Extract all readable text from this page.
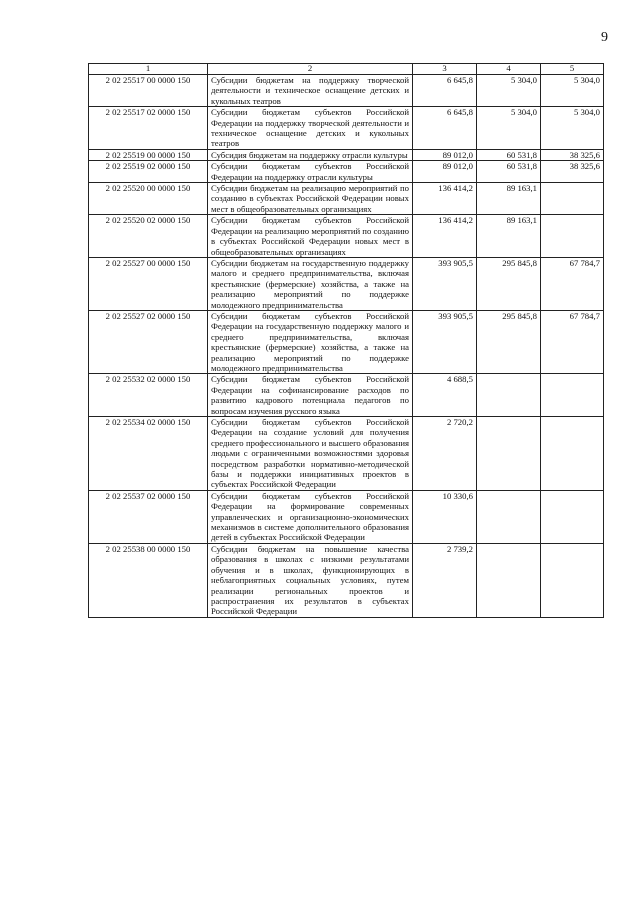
9
1	2	3	4	5
2 02 25517 00 0000 150	Субсидии бюджетам на поддержку творческой деятельности и техническое оснащение детских и кукольных театров	6 645,8	5 304,0	5 304,0
2 02 25517 02 0000 150	Субсидии бюджетам субъектов Российской Федерации на поддержку творческой деятельности и техническое оснащение детских и кукольных театров	6 645,8	5 304,0	5 304,0
2 02 25519 00 0000 150	Субсидия бюджетам на поддержку отрасли культуры	89 012,0	60 531,8	38 325,6
2 02 25519 02 0000 150	Субсидии бюджетам субъектов Российской Федерации на поддержку отрасли культуры	89 012,0	60 531,8	38 325,6
2 02 25520 00 0000 150	Субсидии бюджетам на реализацию мероприятий по созданию в субъектах Российской Федерации новых мест в общеобразовательных организациях	136 414,2	89 163,1	
2 02 25520 02 0000 150	Субсидии бюджетам субъектов Российской Федерации на реализацию мероприятий по созданию в субъектах Российской Федерации новых мест в общеобразовательных организациях	136 414,2	89 163,1	
2 02 25527 00 0000 150	Субсидии бюджетам на государственную поддержку малого и среднего предпринимательства, включая крестьянские (фермерские) хозяйства, а также на реализацию мероприятий по поддержке молодежного предпринимательства	393 905,5	295 845,8	67 784,7
2 02 25527 02 0000 150	Субсидии бюджетам субъектов Российской Федерации на государственную поддержку малого и среднего предпринимательства, включая крестьянские (фермерские) хозяйства, а также на реализацию мероприятий по поддержке молодежного предпринимательства	393 905,5	295 845,8	67 784,7
2 02 25532 02 0000 150	Субсидии бюджетам субъектов Российской Федерации на софинансирование расходов по развитию кадрового потенциала педагогов по вопросам изучения русского языка	4 688,5		
2 02 25534 02 0000 150	Субсидии бюджетам субъектов Российской Федерации на создание условий для получения среднего профессионального и высшего образования людьми с ограниченными возможностями здоровья посредством разработки нормативно-методической базы и поддержки инициативных проектов в субъектах Российской Федерации	2 720,2		
2 02 25537 02 0000 150	Субсидии бюджетам субъектов Российской Федерации на формирование современных управленческих и организационно-экономических механизмов в системе дополнительного образования детей в субъектах Российской Федерации	10 330,6		
2 02 25538 00 0000 150	Субсидии бюджетам на повышение качества образования в школах с низкими результатами обучения и в школах, функционирующих в неблагоприятных социальных условиях, путем реализации региональных проектов и распространения их результатов в субъектах Российской Федерации	2 739,2		
